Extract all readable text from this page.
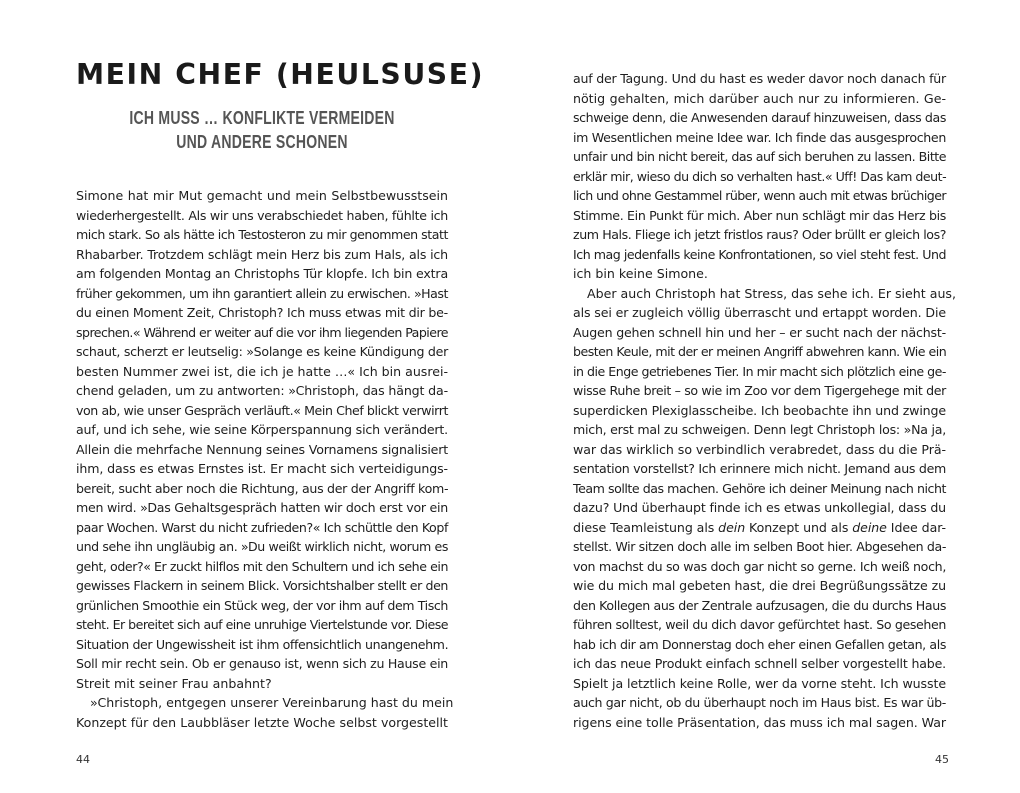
MEIN CHEF (HEULSUSE)
ICH MUSS … KONFLIKTE VERMEIDEN
UND ANDERE SCHONEN
Simone hat mir Mut gemacht und mein Selbstbewusstsein
wiederhergestellt. Als wir uns verabschiedet haben, fühlte ich
mich stark. So als hätte ich Testosteron zu mir genommen statt
Rhabarber. Trotzdem schlägt mein Herz bis zum Hals, als ich
am folgenden Montag an Christophs Tür klopfe. Ich bin extra
früher gekommen, um ihn garantiert allein zu erwischen. »Hast
du einen Moment Zeit, Christoph? Ich muss etwas mit dir be-
sprechen.« Während er weiter auf die vor ihm liegenden Papiere
schaut, scherzt er leutselig: »Solange es keine Kündigung der
besten Nummer zwei ist, die ich je hatte …« Ich bin ausrei-
chend geladen, um zu antworten: »Christoph, das hängt da-
von ab, wie unser Gespräch verläuft.« Mein Chef blickt verwirrt
auf, und ich sehe, wie seine Körperspannung sich verändert.
Allein die mehrfache Nennung seines Vornamens signalisiert
ihm, dass es etwas Ernstes ist. Er macht sich verteidigungs-
bereit, sucht aber noch die Richtung, aus der der Angriff kom-
men wird. »Das Gehaltsgespräch hatten wir doch erst vor ein
paar Wochen. Warst du nicht zufrieden?« Ich schüttle den Kopf
und sehe ihn ungläubig an. »Du weißt wirklich nicht, worum es
geht, oder?« Er zuckt hilflos mit den Schultern und ich sehe ein
gewisses Flackern in seinem Blick. Vorsichtshalber stellt er den
grünlichen Smoothie ein Stück weg, der vor ihm auf dem Tisch
steht. Er bereitet sich auf eine unruhige Viertelstunde vor. Diese
Situation der Ungewissheit ist ihm offensichtlich unangenehm.
Soll mir recht sein. Ob er genauso ist, wenn sich zu Hause ein
Streit mit seiner Frau anbahnt?
»Christoph, entgegen unserer Vereinbarung hast du mein
Konzept für den Laubbläser letzte Woche selbst vorgestellt

44

auf der Tagung. Und du hast es weder davor noch danach für
nötig gehalten, mich darüber auch nur zu informieren. Ge-
schweige denn, die Anwesenden darauf hinzuweisen, dass das
im Wesentlichen meine Idee war. Ich finde das ausgesprochen
unfair und bin nicht bereit, das auf sich beruhen zu lassen. Bitte
erklär mir, wieso du dich so verhalten hast.« Uff! Das kam deut-
lich und ohne Gestammel rüber, wenn auch mit etwas brüchiger
Stimme. Ein Punkt für mich. Aber nun schlägt mir das Herz bis
zum Hals. Fliege ich jetzt fristlos raus? Oder brüllt er gleich los?
Ich mag jedenfalls keine Konfrontationen, so viel steht fest. Und
ich bin keine Simone.
Aber auch Christoph hat Stress, das sehe ich. Er sieht aus,
als sei er zugleich völlig überrascht und ertappt worden. Die
Augen gehen schnell hin und her – er sucht nach der nächst-
besten Keule, mit der er meinen Angriff abwehren kann. Wie ein
in die Enge getriebenes Tier. In mir macht sich plötzlich eine ge-
wisse Ruhe breit – so wie im Zoo vor dem Tigergehege mit der
superdicken Plexiglasscheibe. Ich beobachte ihn und zwinge
mich, erst mal zu schweigen. Denn legt Christoph los: »Na ja,
war das wirklich so verbindlich verabredet, dass du die Prä-
sentation vorstellst? Ich erinnere mich nicht. Jemand aus dem
Team sollte das machen. Gehöre ich deiner Meinung nach nicht
dazu? Und überhaupt finde ich es etwas unkollegial, dass du
diese Teamleistung als dein Konzept und als deine Idee dar-
stellst. Wir sitzen doch alle im selben Boot hier. Abgesehen da-
von machst du so was doch gar nicht so gerne. Ich weiß noch,
wie du mich mal gebeten hast, die drei Begrüßungssätze zu
den Kollegen aus der Zentrale aufzusagen, die du durchs Haus
führen solltest, weil du dich davor gefürchtet hast. So gesehen
hab ich dir am Donnerstag doch eher einen Gefallen getan, als
ich das neue Produkt einfach schnell selber vorgestellt habe.
Spielt ja letztlich keine Rolle, wer da vorne steht. Ich wusste
auch gar nicht, ob du überhaupt noch im Haus bist. Es war üb-
rigens eine tolle Präsentation, das muss ich mal sagen. War

45
